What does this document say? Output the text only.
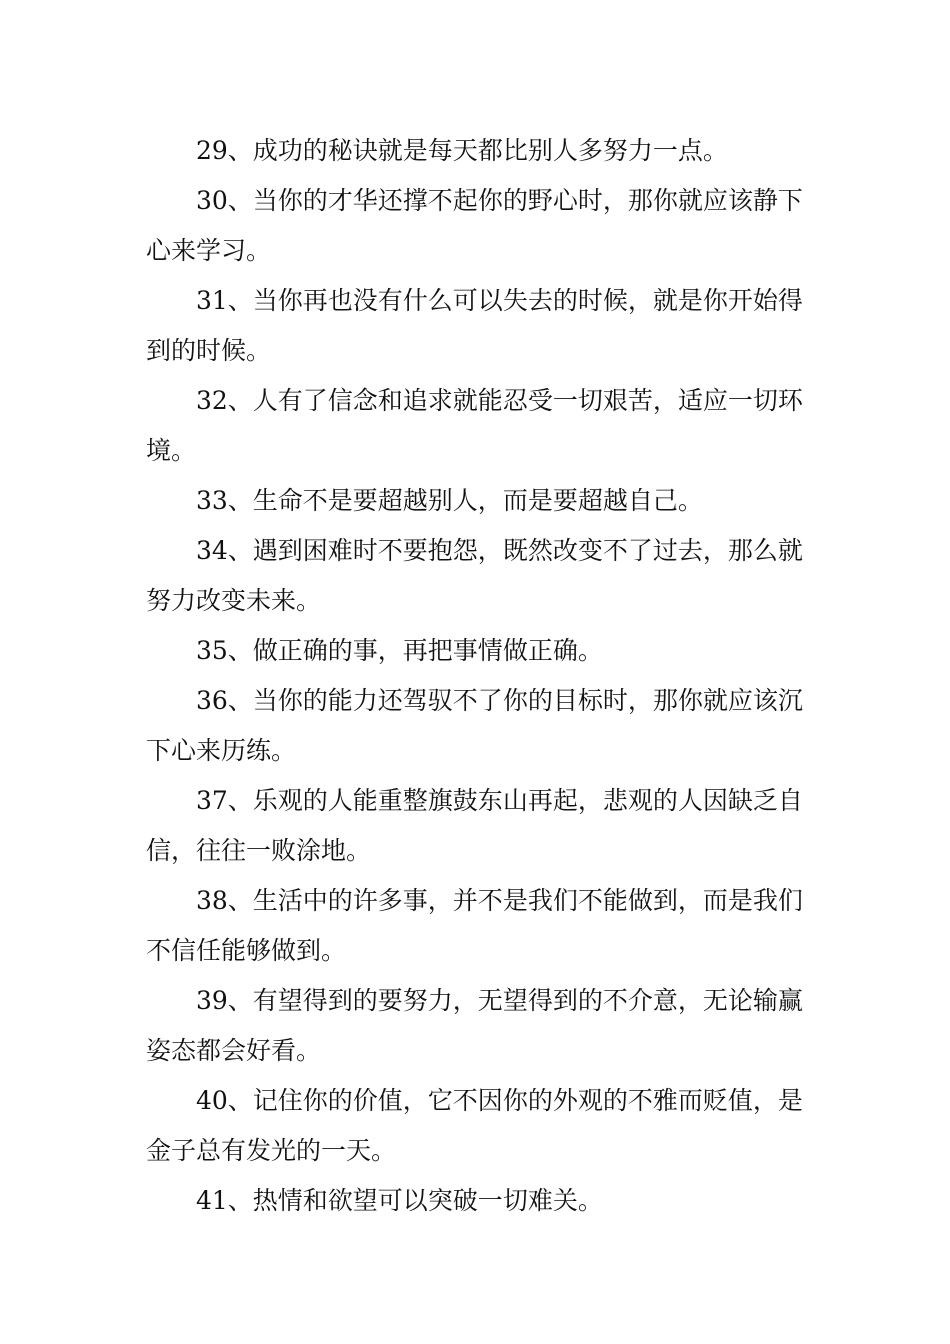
29、成功的秘诀就是每天都比别人多努力一点。

30、当你的才华还撑不起你的野心时，那你就应该静下心来学习。

31、当你再也没有什么可以失去的时候，就是你开始得到的时候。

32、人有了信念和追求就能忍受一切艰苦，适应一切环境。

33、生命不是要超越别人，而是要超越自己。

34、遇到困难时不要抱怨，既然改变不了过去，那么就努力改变未来。

35、做正确的事，再把事情做正确。

36、当你的能力还驾驭不了你的目标时，那你就应该沉下心来历练。

37、乐观的人能重整旗鼓东山再起，悲观的人因缺乏自信，往往一败涂地。

38、生活中的许多事，并不是我们不能做到，而是我们不信任能够做到。

39、有望得到的要努力，无望得到的不介意，无论输赢姿态都会好看。

40、记住你的价值，它不因你的外观的不雅而贬值，是金子总有发光的一天。

41、热情和欲望可以突破一切难关。
